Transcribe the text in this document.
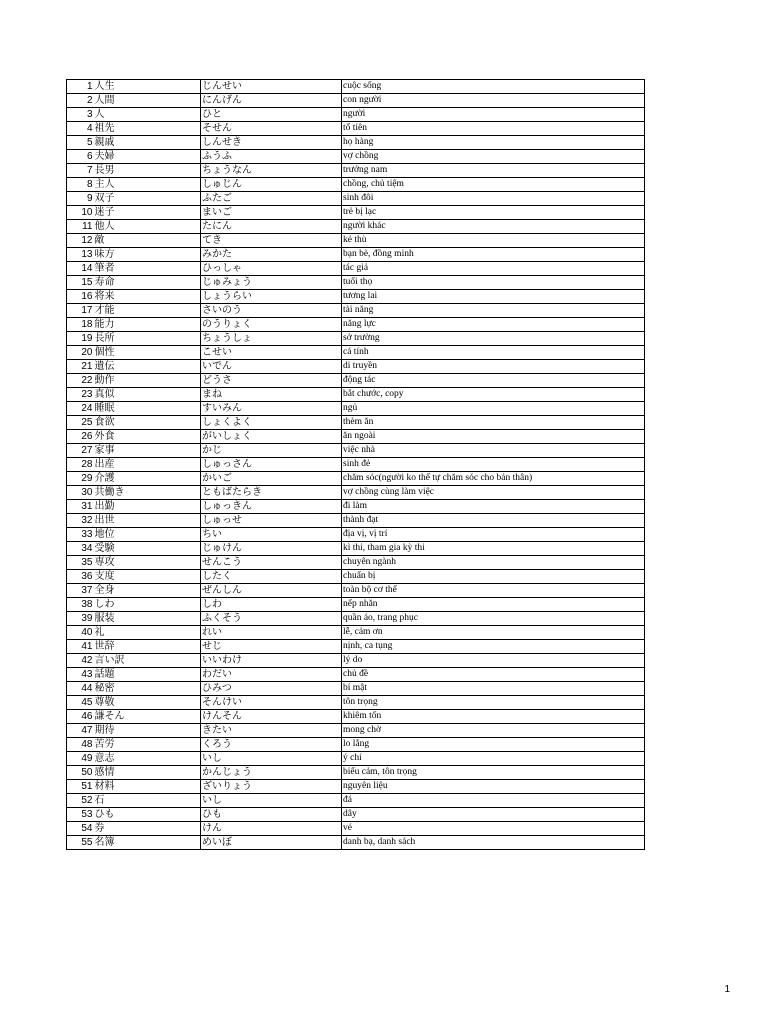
1	人生	じんせい	cuộc sống
2	人間	にんげん	con người
3	人	ひと	người
4	祖先	そせん	tổ tiên
5	親戚	しんせき	họ hàng
6	夫婦	ふうふ	vợ chồng
7	長男	ちょうなん	trưởng nam
8	主人	しゅじん	chồng, chủ tiệm
9	双子	ふたご	sinh đôi
10	迷子	まいご	trẻ bị lạc
11	他人	たにん	người khác
12	敵	てき	kẻ thù
13	味方	みかた	bạn bè, đồng minh
14	筆者	ひっしゃ	tác giả
15	寿命	じゅみょう	tuổi thọ
16	将来	しょうらい	tương lai
17	才能	さいのう	tài năng
18	能力	のうりょく	năng lực
19	長所	ちょうしょ	sở trường
20	個性	こせい	cá tính
21	遺伝	いでん	di truyền
22	動作	どうさ	động tác
23	真似	まね	bắt chước, copy
24	睡眠	すいみん	ngủ
25	食欲	しょくよく	thèm ăn
26	外食	がいしょく	ăn ngoài
27	家事	かじ	việc nhà
28	出産	しゅっさん	sinh đẻ
29	介護	かいご	chăm sóc(người ko thể tự chăm sóc cho bản thân)
30	共働き	ともばたらき	vợ chồng cùng làm việc
31	出勤	しゅっきん	đi làm
32	出世	しゅっせ	thành đạt
33	地位	ちい	địa vị, vị trí
34	受験	じゅけん	kì thi, tham gia kỳ thi
35	専攻	せんこう	chuyên ngành
36	支度	したく	chuẩn bị
37	全身	ぜんしん	toàn bộ cơ thể
38	しわ	しわ	nếp nhăn
39	服装	ふくそう	quần áo, trang phục
40	礼	れい	lễ, cảm ơn
41	世辞	せじ	nịnh, ca tụng
42	言い訳	いいわけ	lý do
43	話題	わだい	chủ đề
44	秘密	ひみつ	bí mật
45	尊敬	そんけい	tôn trọng
46	謙そん	けんそん	khiêm tốn
47	期待	きたい	mong chờ
48	苦労	くろう	lo lắng
49	意志	いし	ý chí
50	感情	かんじょう	biểu cảm, tôn trọng
51	材料	ざいりょう	nguyên liệu
52	石	いし	đá
53	ひも	ひも	dây
54	券	けん	vé
55	名簿	めいぼ	danh bạ, danh sách
1
